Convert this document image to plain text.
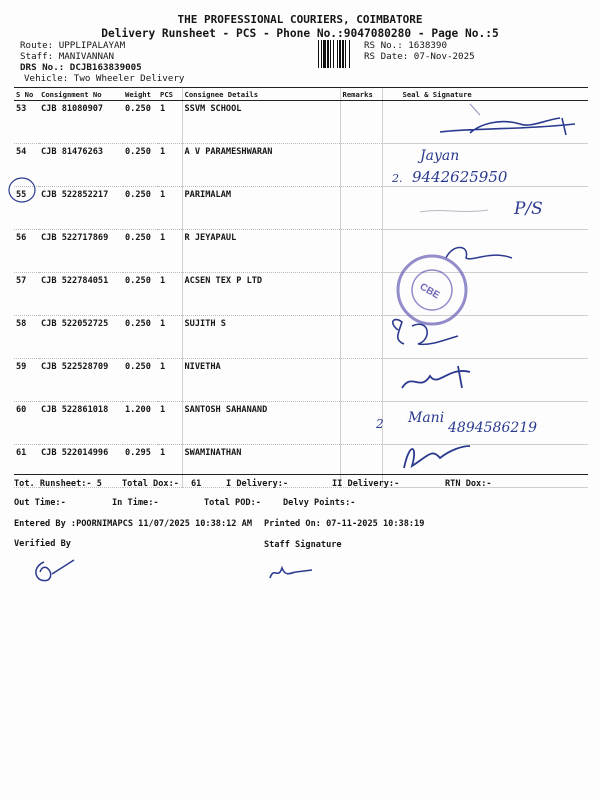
THE PROFESSIONAL COURIERS, COIMBATORE
Delivery Runsheet - PCS - Phone No.:9047080280 - Page No.:5
Route: UPPLIPALAYAM
Staff: MANIVANNAN
DRS No.: DCJB163839005
Vehicle: Two Wheeler Delivery
RS No.: 1638390
RS Date: 07-Nov-2025
S No	Consignment No	Weight	PCS	Consignee Details	Remarks	Seal & Signature
53	CJB 81080907	0.250	1	SSVM SCHOOL		
54	CJB 81476263	0.250	1	A V PARAMESHWARAN		
55	CJB 522852217	0.250	1	PARIMALAM		
56	CJB 522717869	0.250	1	R JEYAPAUL		
57	CJB 522784051	0.250	1	ACSEN TEX P LTD		
58	CJB 522052725	0.250	1	SUJITH S		
59	CJB 522528709	0.250	1	NIVETHA		
60	CJB 522861018	1.200	1	SANTOSH SAHANAND		
61	CJB 522014996	0.295	1	SWAMINATHAN		
Tot. Runsheet:- 5 Total Dox:- 61	I Delivery:-	II Delivery:-	RTN Dox:-
Out Time:-	In Time:-	Total POD:-	Delvy Points:-
Entered By :POORNIMAPCS 11/07/2025 10:38:12 AM Printed On: 07-11-2025 10:38:19
Verified By	Staff Signature
Jayan
2. 9442625950
P/S
CBE
2 Mani
4894586219
